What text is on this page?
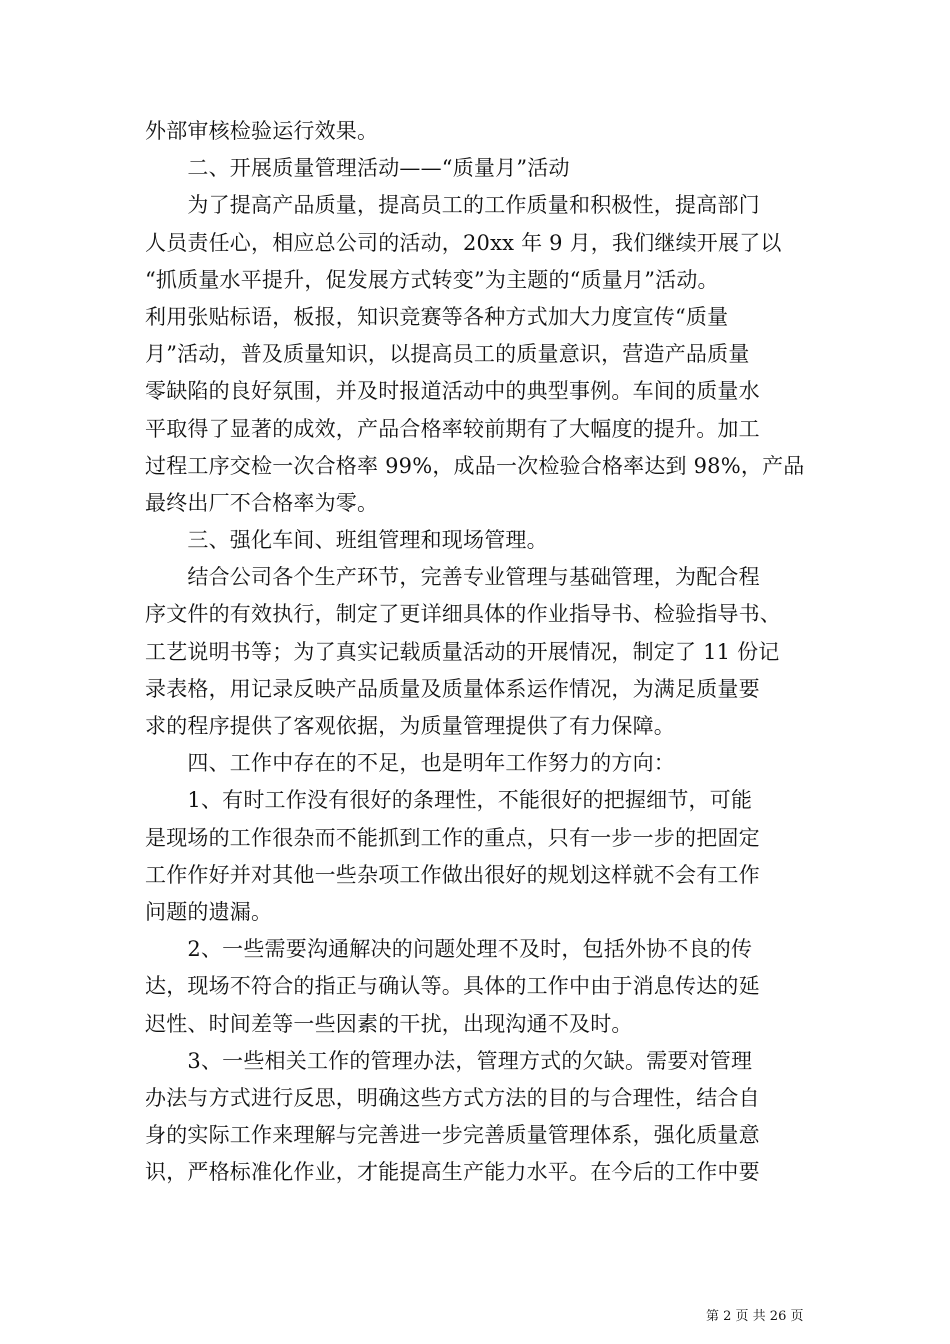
外部审核检验运行效果。
　　二、开展质量管理活动——“质量月”活动
　　为了提高产品质量，提高员工的工作质量和积极性，提高部门
人员责任心，相应总公司的活动，20xx 年 9 月，我们继续开展了以
“抓质量水平提升，促发展方式转变”为主题的“质量月”活动。
利用张贴标语，板报，知识竞赛等各种方式加大力度宣传“质量
月”活动，普及质量知识，以提高员工的质量意识，营造产品质量
零缺陷的良好氛围，并及时报道活动中的典型事例。车间的质量水
平取得了显著的成效，产品合格率较前期有了大幅度的提升。加工
过程工序交检一次合格率 99%，成品一次检验合格率达到 98%，产品
最终出厂不合格率为零。
　　三、强化车间、班组管理和现场管理。
　　结合公司各个生产环节，完善专业管理与基础管理，为配合程
序文件的有效执行，制定了更详细具体的作业指导书、检验指导书、
工艺说明书等；为了真实记载质量活动的开展情况，制定了 11 份记
录表格，用记录反映产品质量及质量体系运作情况，为满足质量要
求的程序提供了客观依据，为质量管理提供了有力保障。
　　四、工作中存在的不足，也是明年工作努力的方向：
　　1、有时工作没有很好的条理性，不能很好的把握细节，可能
是现场的工作很杂而不能抓到工作的重点，只有一步一步的把固定
工作作好并对其他一些杂项工作做出很好的规划这样就不会有工作
问题的遗漏。
　　2、一些需要沟通解决的问题处理不及时，包括外协不良的传
达，现场不符合的指正与确认等。具体的工作中由于消息传达的延
迟性、时间差等一些因素的干扰，出现沟通不及时。
　　3、一些相关工作的管理办法，管理方式的欠缺。需要对管理
办法与方式进行反思，明确这些方式方法的目的与合理性，结合自
身的实际工作来理解与完善进一步完善质量管理体系，强化质量意
识，严格标准化作业，才能提高生产能力水平。在今后的工作中要
第 2 页 共 26 页
